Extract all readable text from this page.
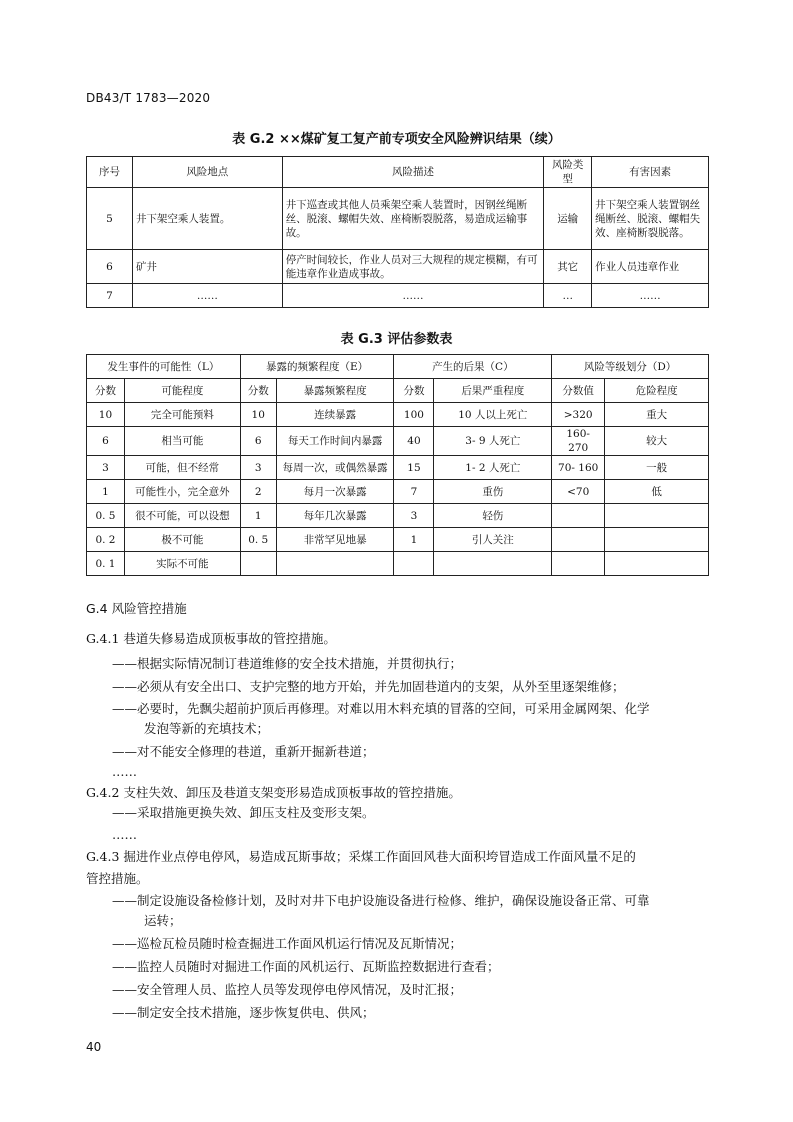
DB43/T 1783—2020
表 G.2 ××煤矿复工复产前专项安全风险辨识结果（续）
序号	风险地点	风险描述	风险类型	有害因素
5	井下架空乘人装置。	井下巡查或其他人员乘架空乘人装置时，因钢丝绳断丝、脱滚、螺帽失效、座椅断裂脱落，易造成运输事故。	运输	井下架空乘人装置钢丝绳断丝、脱滚、螺帽失效、座椅断裂脱落。
6	矿井	停产时间较长，作业人员对三大规程的规定模糊，有可能违章作业造成事故。	其它	作业人员违章作业
7	……	……	…	……
表 G.3 评估参数表
发生事件的可能性（L）		暴露的频繁程度（E）		产生的后果（C）		风险等级划分（D）	
分数	可能程度	分数	暴露频繁程度	分数	后果严重程度	分数值	危险程度
10	完全可能预料	10	连续暴露	100	10 人以上死亡	>320	重大
6	相当可能	6	每天工作时间内暴露	40	3- 9 人死亡	160- 270	较大
3	可能，但不经常	3	每周一次，或偶然暴露	15	1- 2 人死亡	70- 160	一般
1	可能性小，完全意外	2	每月一次暴露	7	重伤	<70	低
0. 5	很不可能，可以设想	1	每年几次暴露	3	轻伤		
0. 2	极不可能	0. 5	非常罕见地暴	1	引人关注		
0. 1	实际不可能						
G.4 风险管控措施
G.4.1 巷道失修易造成顶板事故的管控措施。
——根据实际情况制订巷道维修的安全技术措施，并贯彻执行；
——必须从有安全出口、支护完整的地方开始，并先加固巷道内的支架，从外至里逐架维修；
——必要时，先飘尖超前护顶后再修理。对难以用木料充填的冒落的空间，可采用金属网架、化学
发泡等新的充填技术；
——对不能安全修理的巷道，重新开掘新巷道；
……
G.4.2 支柱失效、卸压及巷道支架变形易造成顶板事故的管控措施。
——采取措施更换失效、卸压支柱及变形支架。
……
G.4.3 掘进作业点停电停风，易造成瓦斯事故；采煤工作面回风巷大面积垮冒造成工作面风量不足的
管控措施。
——制定设施设备检修计划，及时对井下电护设施设备进行检修、维护，确保设施设备正常、可靠
运转；
——巡检瓦检员随时检查掘进工作面风机运行情况及瓦斯情况；
——监控人员随时对掘进工作面的风机运行、瓦斯监控数据进行查看；
——安全管理人员、监控人员等发现停电停风情况，及时汇报；
——制定安全技术措施，逐步恢复供电、供风；
40
